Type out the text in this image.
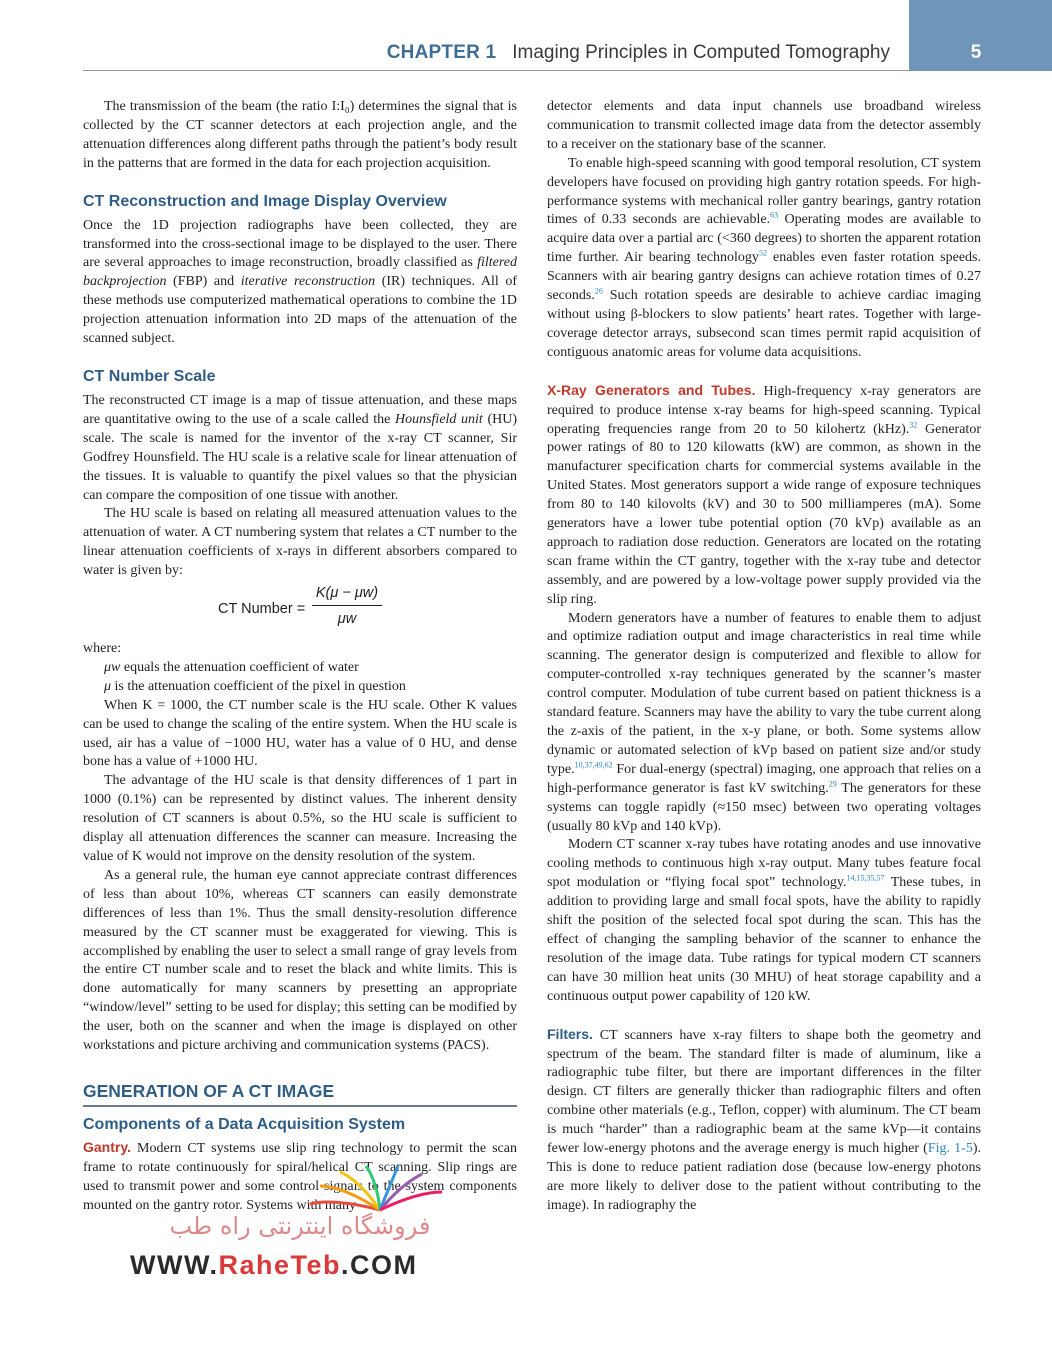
CHAPTER 1 Imaging Principles in Computed Tomography	5

The transmission of the beam (the ratio I:I₀) determines the signal that is collected by the CT scanner detectors at each projection angle, and the attenuation differences along different paths through the patient’s body result in the patterns that are formed in the data for each projection acquisition.

CT Reconstruction and Image Display Overview

Once the 1D projection radiographs have been collected, they are transformed into the cross-sectional image to be displayed to the user. There are several approaches to image reconstruction, broadly classified as filtered backprojection (FBP) and iterative reconstruction (IR) techniques. All of these methods use computerized mathematical operations to combine the 1D projection attenuation information into 2D maps of the attenuation of the scanned subject.

CT Number Scale

The reconstructed CT image is a map of tissue attenuation, and these maps are quantitative owing to the use of a scale called the Hounsfield unit (HU) scale. The scale is named for the inventor of the x-ray CT scanner, Sir Godfrey Hounsfield. The HU scale is a relative scale for linear attenuation of the tissues. It is valuable to quantify the pixel values so that the physician can compare the composition of one tissue with another.

The HU scale is based on relating all measured attenuation values to the attenuation of water. A CT numbering system that relates a CT number to the linear attenuation coefficients of x-rays in different absorbers compared to water is given by:

CT Number = $\frac{K(\mu - \mu w)}{\mu w}$

where:

μw equals the attenuation coefficient of water

μ is the attenuation coefficient of the pixel in question

When K = 1000, the CT number scale is the HU scale. Other K values can be used to change the scaling of the entire system. When the HU scale is used, air has a value of −1000 HU, water has a value of 0 HU, and dense bone has a value of +1000 HU.

The advantage of the HU scale is that density differences of 1 part in 1000 (0.1%) can be represented by distinct values. The inherent density resolution of CT scanners is about 0.5%, so the HU scale is sufficient to display all attenuation differences the scanner can measure. Increasing the value of K would not improve on the density resolution of the system.

As a general rule, the human eye cannot appreciate contrast differences of less than about 10%, whereas CT scanners can easily demonstrate differences of less than 1%. Thus the small density-resolution difference measured by the CT scanner must be exaggerated for viewing. This is accomplished by enabling the user to select a small range of gray levels from the entire CT number scale and to reset the black and white limits. This is done automatically for many scanners by presetting an appropriate “window/level” setting to be used for display; this setting can be modified by the user, both on the scanner and when the image is displayed on other workstations and picture archiving and communication systems (PACS).

GENERATION OF A CT IMAGE
Components of a Data Acquisition System

Gantry. Modern CT systems use slip ring technology to permit the scan frame to rotate continuously for spiral/helical CT scanning. Slip rings are used to transmit power and some control signals to the system components mounted on the gantry rotor. Systems with many

detector elements and data input channels use broadband wireless communication to transmit collected image data from the detector assembly to a receiver on the stationary base of the scanner.

To enable high-speed scanning with good temporal resolution, CT system developers have focused on providing high gantry rotation speeds. For high-performance systems with mechanical roller gantry bearings, gantry rotation times of 0.33 seconds are achievable.$^{63}$ Operating modes are available to acquire data over a partial arc (<360 degrees) to shorten the apparent rotation time further. Air bearing technology$^{52}$ enables even faster rotation speeds. Scanners with air bearing gantry designs can achieve rotation times of 0.27 seconds.$^{26}$ Such rotation speeds are desirable to achieve cardiac imaging without using β-blockers to slow patients’ heart rates. Together with large-coverage detector arrays, subsecond scan times permit rapid acquisition of contiguous anatomic areas for volume data acquisitions.

X-Ray Generators and Tubes. High-frequency x-ray generators are required to produce intense x-ray beams for high-speed scanning. Typical operating frequencies range from 20 to 50 kilohertz (kHz).$^{32}$ Generator power ratings of 80 to 120 kilowatts (kW) are common, as shown in the manufacturer specification charts for commercial systems available in the United States. Most generators support a wide range of exposure techniques from 80 to 140 kilovolts (kV) and 30 to 500 milliamperes (mA). Some generators have a lower tube potential option (70 kVp) available as an approach to radiation dose reduction. Generators are located on the rotating scan frame within the CT gantry, together with the x-ray tube and detector assembly, and are powered by a low-voltage power supply provided via the slip ring.

Modern generators have a number of features to enable them to adjust and optimize radiation output and image characteristics in real time while scanning. The generator design is computerized and flexible to allow for computer-controlled x-ray techniques generated by the scanner’s master control computer. Modulation of tube current based on patient thickness is a standard feature. Scanners may have the ability to vary the tube current along the z-axis of the patient, in the x-y plane, or both. Some systems allow dynamic or automated selection of kVp based on patient size and/or study type.$^{10,37,49,62}$ For dual-energy (spectral) imaging, one approach that relies on a high-performance generator is fast kV switching.$^{29}$ The generators for these systems can toggle rapidly (≈150 msec) between two operating voltages (usually 80 kVp and 140 kVp).

Modern CT scanner x-ray tubes have rotating anodes and use innovative cooling methods to continuous high x-ray output. Many tubes feature focal spot modulation or “flying focal spot” technology.$^{14,15,35,57}$ These tubes, in addition to providing large and small focal spots, have the ability to rapidly shift the position of the selected focal spot during the scan. This has the effect of changing the sampling behavior of the scanner to enhance the resolution of the image data. Tube ratings for typical modern CT scanners can have 30 million heat units (30 MHU) of heat storage capability and a continuous output power capability of 120 kW.

Filters. CT scanners have x-ray filters to shape both the geometry and spectrum of the beam. The standard filter is made of aluminum, like a radiographic tube filter, but there are important differences in the filter design. CT filters are generally thicker than radiographic filters and often combine other materials (e.g., Teflon, copper) with aluminum. The CT beam is much “harder” than a radiographic beam at the same kVp—it contains fewer low-energy photons and the average energy is much higher (Fig. 1-5). This is done to reduce patient radiation dose (because low-energy photons are more likely to deliver dose to the patient without contributing to the image). In radiography the

فروشگاه اینترنتی راه طب
WWW.RaheTeb.COM
